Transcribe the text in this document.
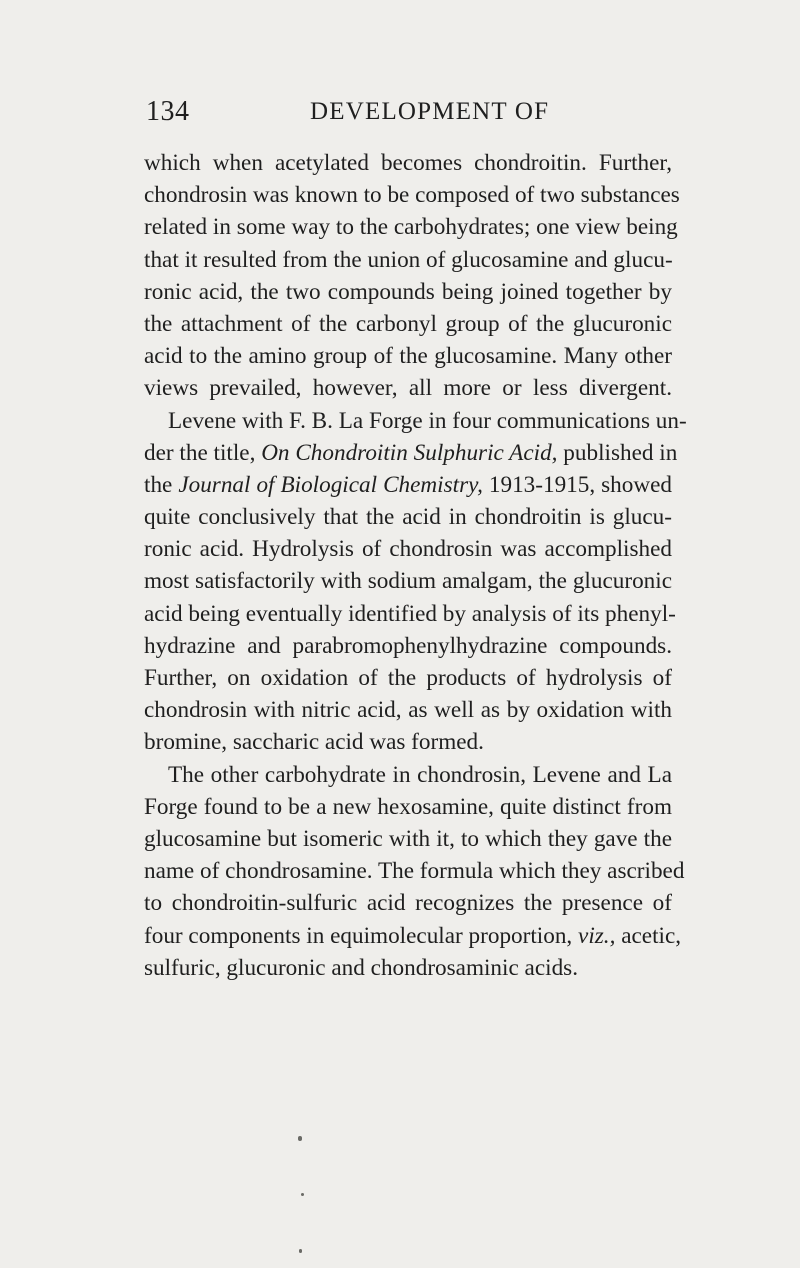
134	DEVELOPMENT OF
which when acetylated becomes chondroitin. Further,
chondrosin was known to be composed of two substances
related in some way to the carbohydrates; one view being
that it resulted from the union of glucosamine and glucu-
ronic acid, the two compounds being joined together by
the attachment of the carbonyl group of the glucuronic
acid to the amino group of the glucosamine. Many other
views prevailed, however, all more or less divergent.
Levene with F. B. La Forge in four communications un-
der the title, On Chondroitin Sulphuric Acid, published in
the Journal of Biological Chemistry, 1913-1915, showed
quite conclusively that the acid in chondroitin is glucu-
ronic acid. Hydrolysis of chondrosin was accomplished
most satisfactorily with sodium amalgam, the glucuronic
acid being eventually identified by analysis of its phenyl-
hydrazine and parabromophenylhydrazine compounds.
Further, on oxidation of the products of hydrolysis of
chondrosin with nitric acid, as well as by oxidation with
bromine, saccharic acid was formed.
The other carbohydrate in chondrosin, Levene and La
Forge found to be a new hexosamine, quite distinct from
glucosamine but isomeric with it, to which they gave the
name of chondrosamine. The formula which they ascribed
to chondroitin-sulfuric acid recognizes the presence of
four components in equimolecular proportion, viz., acetic,
sulfuric, glucuronic and chondrosaminic acids.
